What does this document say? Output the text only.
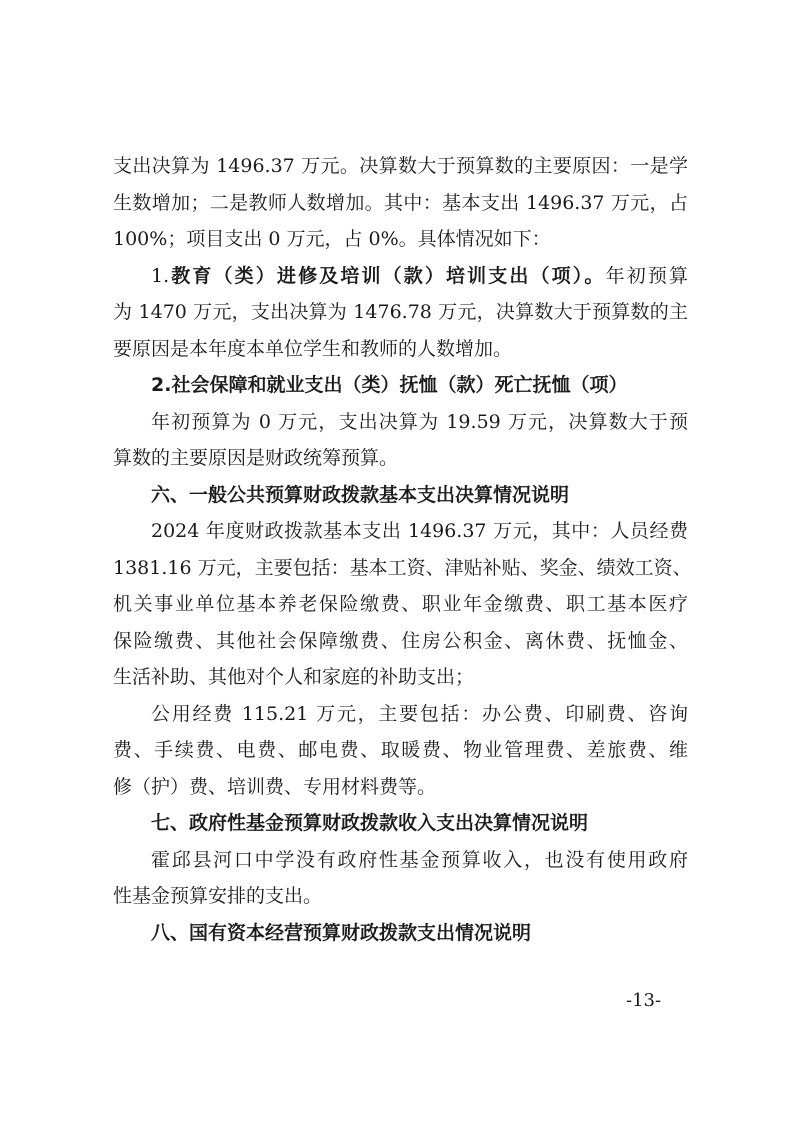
支出决算为 1496.37 万元。决算数大于预算数的主要原因：一是学
生数增加；二是教师人数增加。其中：基本支出 1496.37 万元，占
100%；项目支出 0 万元，占 0%。具体情况如下：
1.教育（类）进修及培训（款）培训支出（项）。年初预算
为 1470 万元，支出决算为 1476.78 万元，决算数大于预算数的主
要原因是本年度本单位学生和教师的人数增加。
2.社会保障和就业支出（类）抚恤（款）死亡抚恤（项）
年初预算为 0 万元，支出决算为 19.59 万元，决算数大于预
算数的主要原因是财政统筹预算。
六、一般公共预算财政拨款基本支出决算情况说明
2024 年度财政拨款基本支出 1496.37 万元，其中：人员经费
1381.16 万元，主要包括：基本工资、津贴补贴、奖金、绩效工资、
机关事业单位基本养老保险缴费、职业年金缴费、职工基本医疗
保险缴费、其他社会保障缴费、住房公积金、离休费、抚恤金、
生活补助、其他对个人和家庭的补助支出；
公用经费 115.21 万元，主要包括：办公费、印刷费、咨询
费、手续费、电费、邮电费、取暖费、物业管理费、差旅费、维
修（护）费、培训费、专用材料费等。
七、政府性基金预算财政拨款收入支出决算情况说明
霍邱县河口中学没有政府性基金预算收入，也没有使用政府
性基金预算安排的支出。
八、国有资本经营预算财政拨款支出情况说明
-13-
